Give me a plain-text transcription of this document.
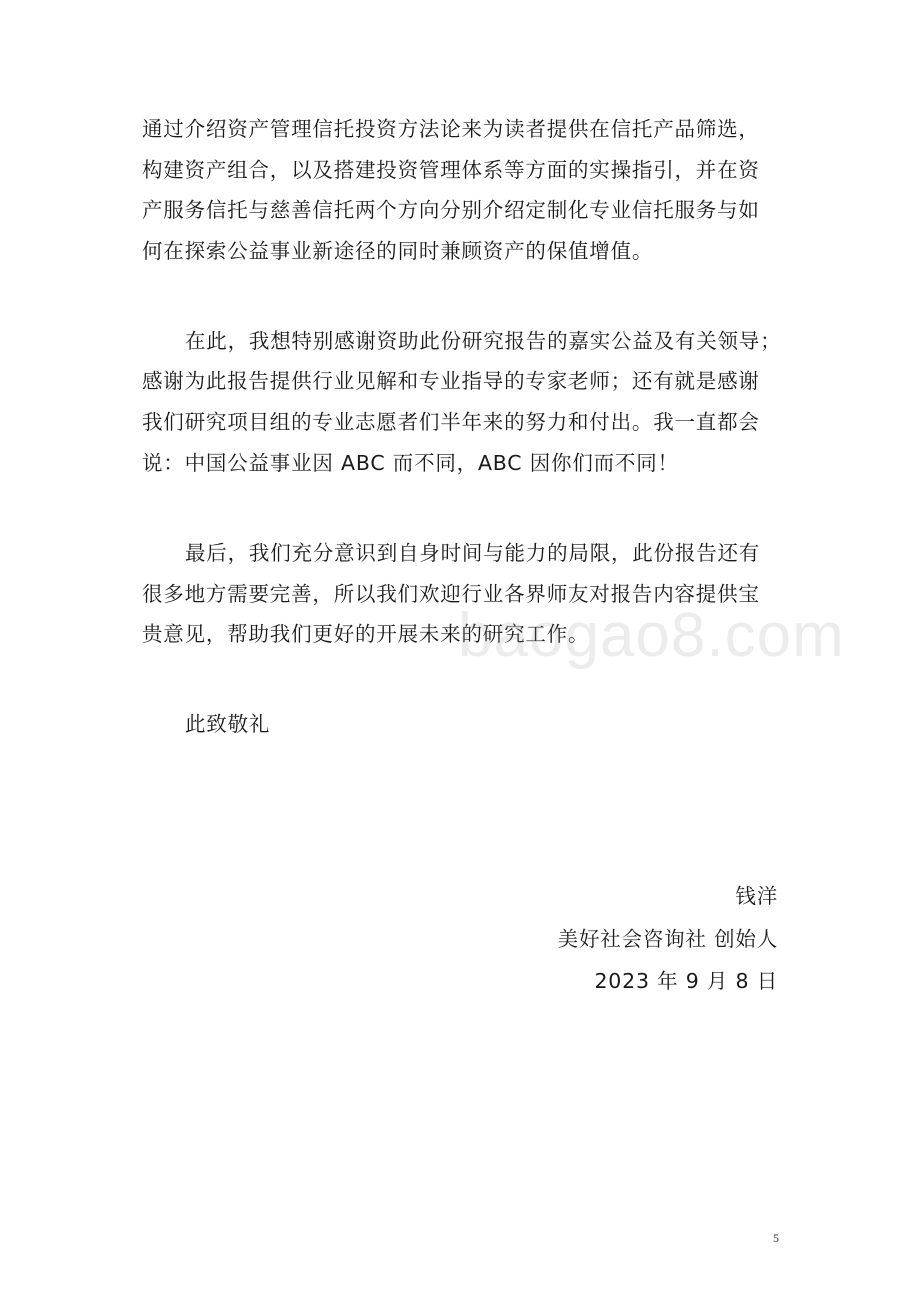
通过介绍资产管理信托投资方法论来为读者提供在信托产品筛选，
构建资产组合，以及搭建投资管理体系等方面的实操指引，并在资
产服务信托与慈善信托两个方向分别介绍定制化专业信托服务与如
何在探索公益事业新途径的同时兼顾资产的保值增值。
在此，我想特别感谢资助此份研究报告的嘉实公益及有关领导；
感谢为此报告提供行业见解和专业指导的专家老师；还有就是感谢
我们研究项目组的专业志愿者们半年来的努力和付出。我一直都会
说：中国公益事业因 ABC 而不同，ABC 因你们而不同！
最后，我们充分意识到自身时间与能力的局限，此份报告还有
很多地方需要完善，所以我们欢迎行业各界师友对报告内容提供宝
贵意见，帮助我们更好的开展未来的研究工作。
baogao8.com
此致敬礼
钱洋
美好社会咨询社 创始人
2023 年 9 月 8 日
5
